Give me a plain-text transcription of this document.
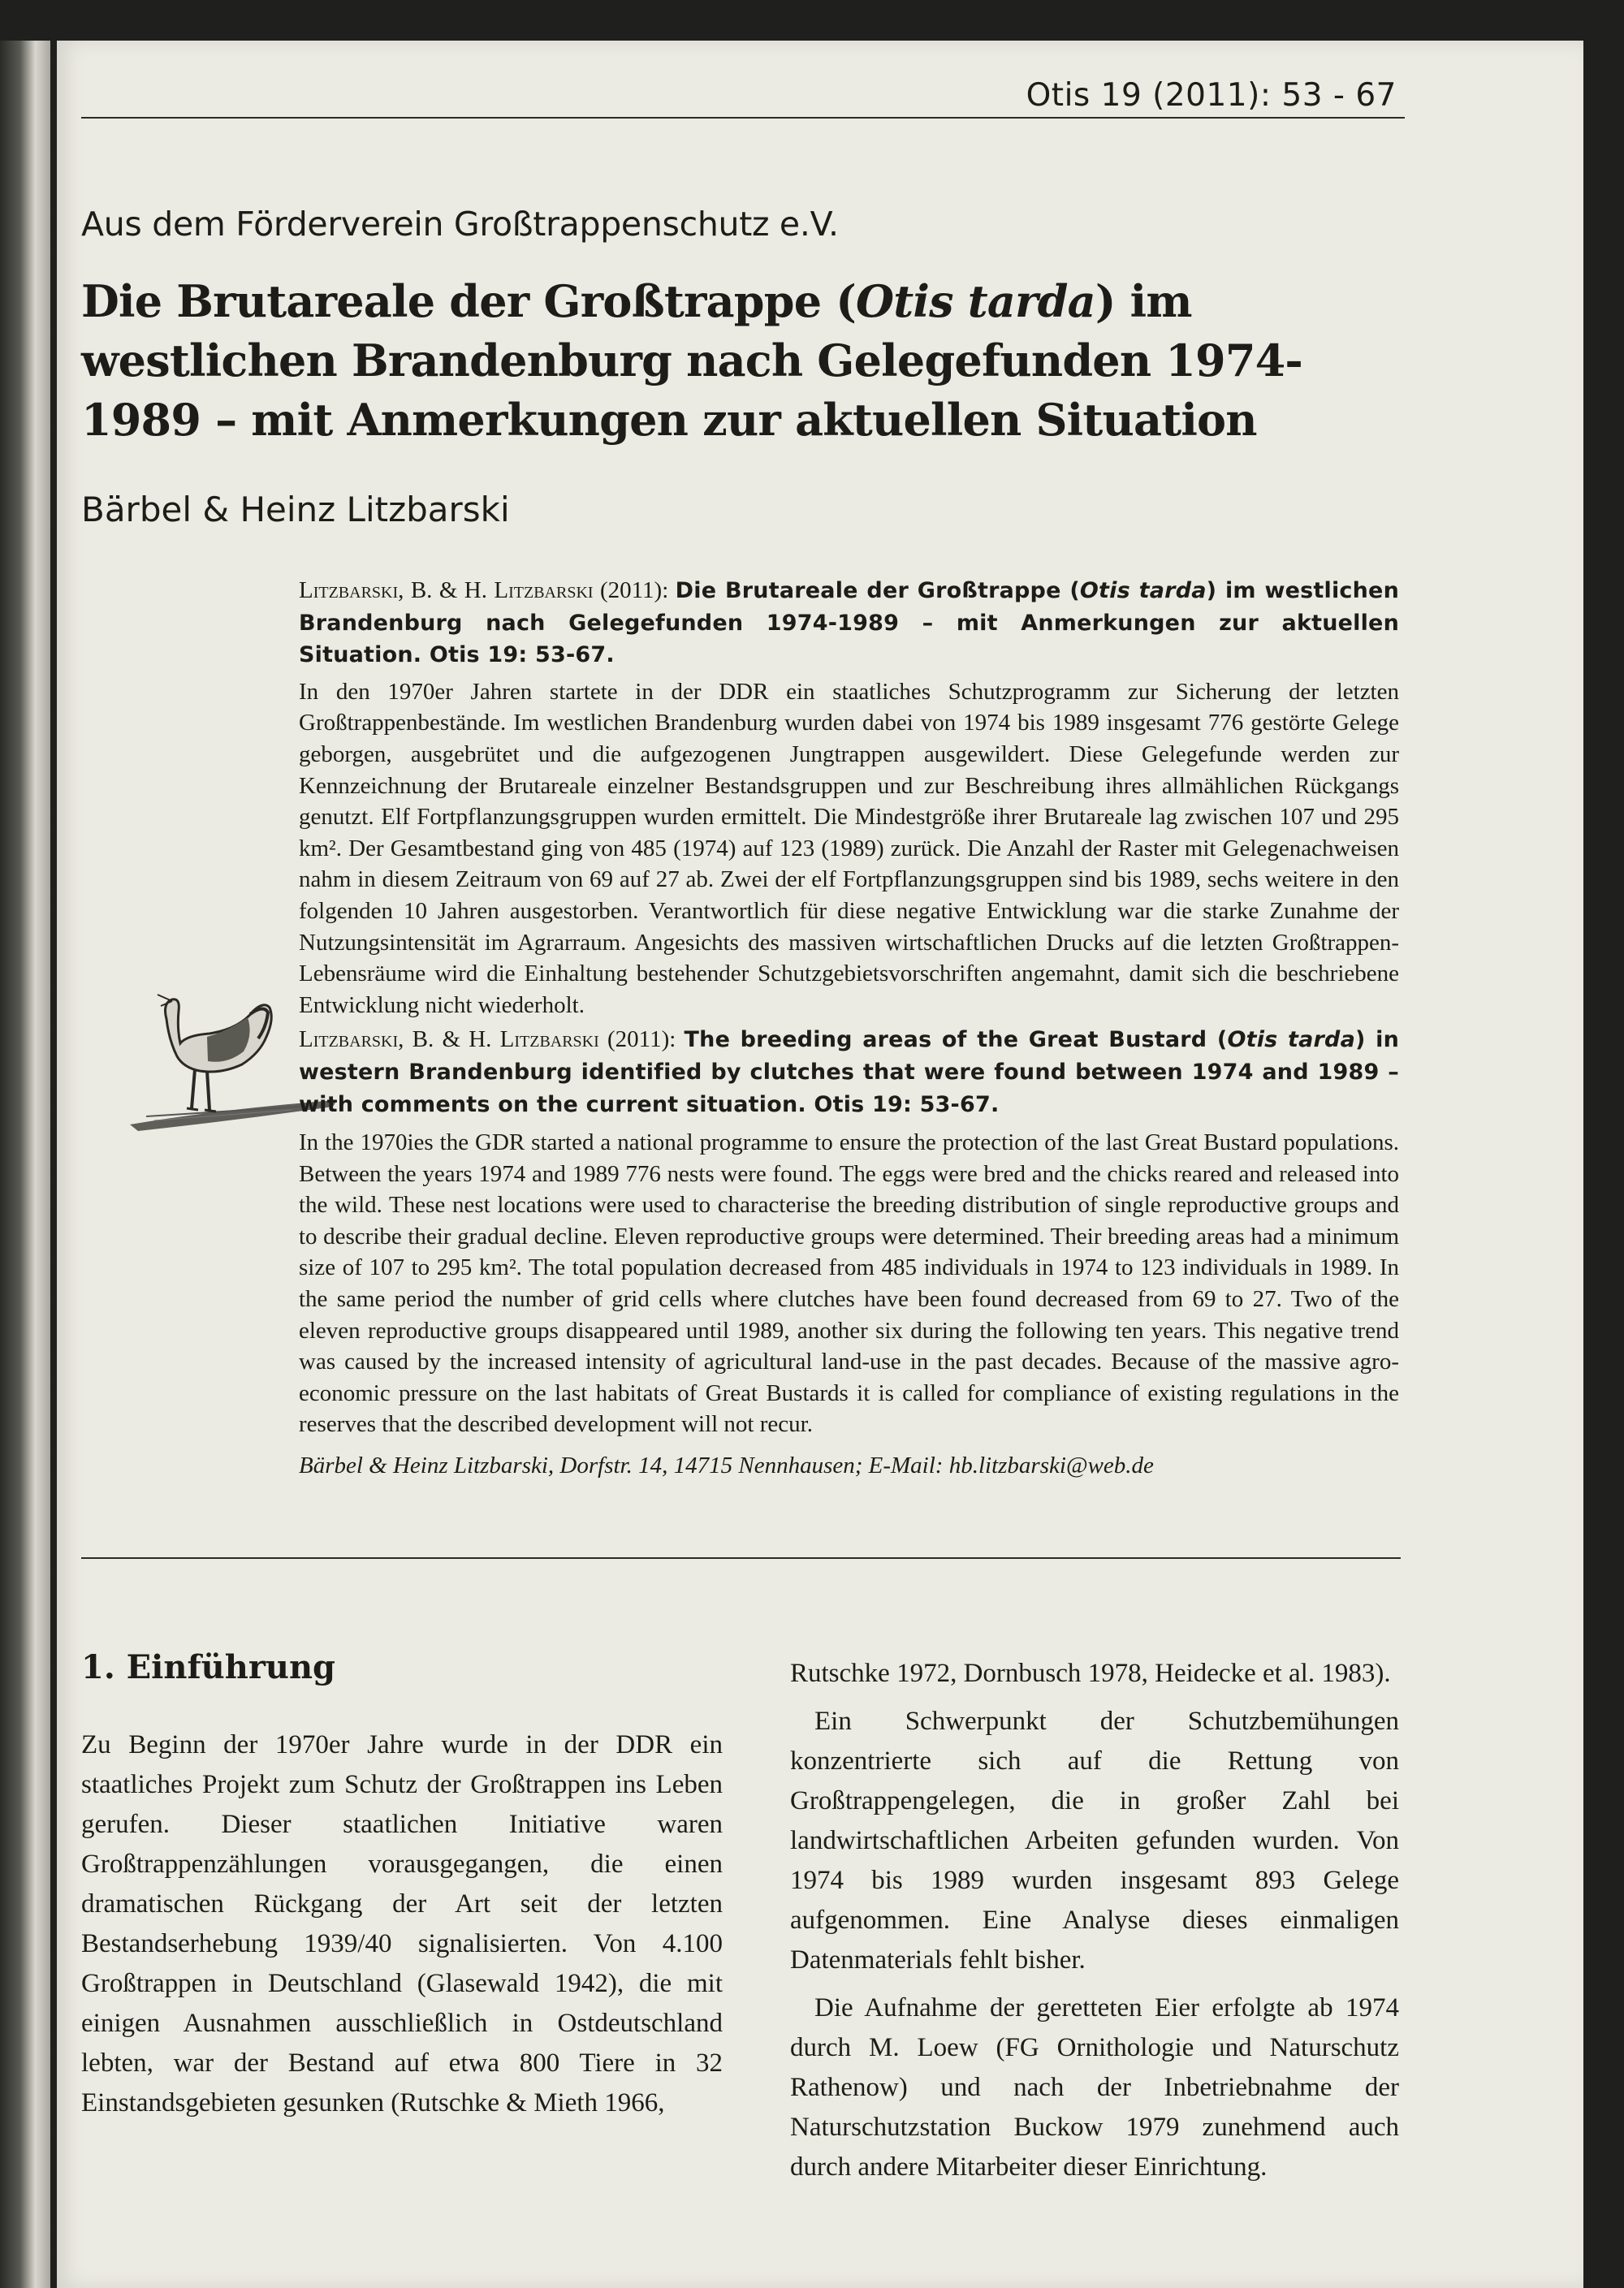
Otis 19 (2011): 53 - 67
Aus dem Förderverein Großtrappenschutz e.V.
Die Brutareale der Großtrappe (Otis tarda) im westlichen Brandenburg nach Gelegefunden 1974-1989 – mit Anmerkungen zur aktuellen Situation
Bärbel & Heinz Litzbarski

Litzbarski, B. & H. Litzbarski (2011): Die Brutareale der Großtrappe (Otis tarda) im westlichen Brandenburg nach Gelegefunden 1974-1989 – mit Anmerkungen zur aktuellen Situation. Otis 19: 53-67.

In den 1970er Jahren startete in der DDR ein staatliches Schutzprogramm zur Sicherung der letzten Großtrappenbestände. Im westlichen Brandenburg wurden dabei von 1974 bis 1989 insgesamt 776 gestörte Gelege geborgen, ausgebrütet und die aufgezogenen Jungtrappen ausgewildert. Diese Gelegefunde werden zur Kennzeichnung der Brutareale einzelner Bestandsgruppen und zur Beschreibung ihres allmählichen Rückgangs genutzt. Elf Fortpflanzungsgruppen wurden ermittelt. Die Mindestgröße ihrer Brutareale lag zwischen 107 und 295 km². Der Gesamtbestand ging von 485 (1974) auf 123 (1989) zurück. Die Anzahl der Raster mit Gelegenachweisen nahm in diesem Zeitraum von 69 auf 27 ab. Zwei der elf Fortpflanzungsgruppen sind bis 1989, sechs weitere in den folgenden 10 Jahren ausgestorben. Verantwortlich für diese negative Entwicklung war die starke Zunahme der Nutzungsintensität im Agrarraum. Angesichts des massiven wirtschaftlichen Drucks auf die letzten Großtrappen-Lebensräume wird die Einhaltung bestehender Schutzgebietsvorschriften angemahnt, damit sich die beschriebene Entwicklung nicht wiederholt.

Litzbarski, B. & H. Litzbarski (2011): The breeding areas of the Great Bustard (Otis tarda) in western Brandenburg identified by clutches that were found between 1974 and 1989 – with comments on the current situation. Otis 19: 53-67.

In the 1970ies the GDR started a national programme to ensure the protection of the last Great Bustard populations. Between the years 1974 and 1989 776 nests were found. The eggs were bred and the chicks reared and released into the wild. These nest locations were used to characterise the breeding distribution of single reproductive groups and to describe their gradual decline. Eleven reproductive groups were determined. Their breeding areas had a minimum size of 107 to 295 km². The total population decreased from 485 individuals in 1974 to 123 individuals in 1989. In the same period the number of grid cells where clutches have been found decreased from 69 to 27. Two of the eleven reproductive groups disappeared until 1989, another six during the following ten years. This negative trend was caused by the increased intensity of agricultural land-use in the past decades. Because of the massive agro-economic pressure on the last habitats of Great Bustards it is called for compliance of existing regulations in the reserves that the described development will not recur.

Bärbel & Heinz Litzbarski, Dorfstr. 14, 14715 Nennhausen; E-Mail: hb.litzbarski@web.de

1. Einführung

Zu Beginn der 1970er Jahre wurde in der DDR ein staatliches Projekt zum Schutz der Großtrappen ins Leben gerufen. Dieser staatlichen Initiative waren Großtrappenzählungen vorausgegangen, die einen dramatischen Rückgang der Art seit der letzten Bestandserhebung 1939/40 signalisierten. Von 4.100 Großtrappen in Deutschland (Glasewald 1942), die mit einigen Ausnahmen ausschließlich in Ostdeutschland lebten, war der Bestand auf etwa 800 Tiere in 32 Einstandsgebieten gesunken (Rutschke & Mieth 1966,

Rutschke 1972, Dornbusch 1978, Heidecke et al. 1983).

Ein Schwerpunkt der Schutzbemühungen konzentrierte sich auf die Rettung von Großtrappengelegen, die in großer Zahl bei landwirtschaftlichen Arbeiten gefunden wurden. Von 1974 bis 1989 wurden insgesamt 893 Gelege aufgenommen. Eine Analyse dieses einmaligen Datenmaterials fehlt bisher.

Die Aufnahme der geretteten Eier erfolgte ab 1974 durch M. Loew (FG Ornithologie und Naturschutz Rathenow) und nach der Inbetriebnahme der Naturschutzstation Buckow 1979 zunehmend auch durch andere Mitarbeiter dieser Einrichtung.
